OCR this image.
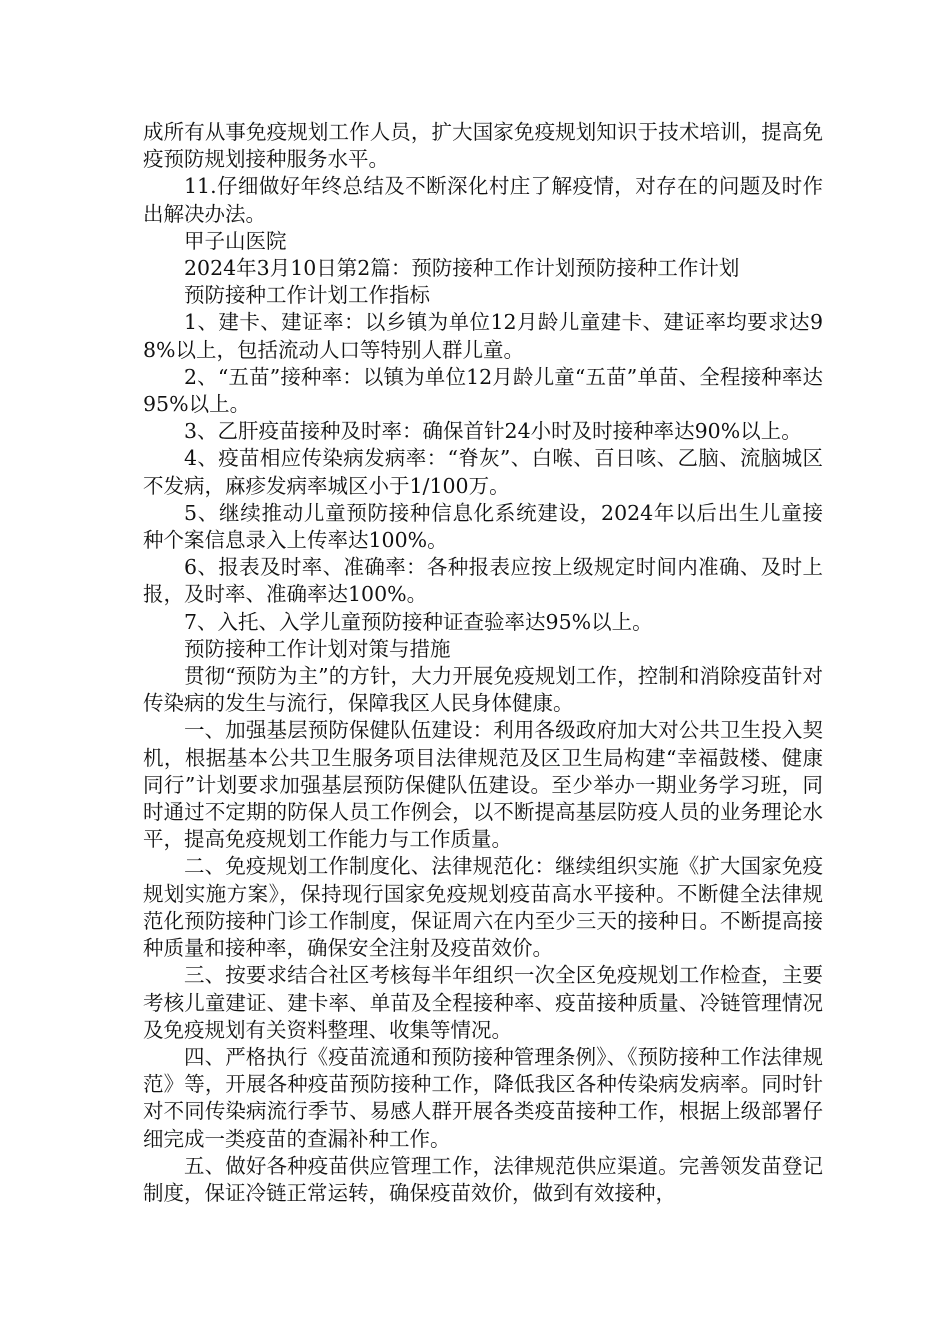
成所有从事免疫规划工作人员，扩大国家免疫规划知识于技术培训，提高免疫预防规划接种服务水平。

11.仔细做好年终总结及不断深化村庄了解疫情，对存在的问题及时作出解决办法。

甲子山医院

2024年3月10日第2篇：预防接种工作计划预防接种工作计划

预防接种工作计划工作指标

1、建卡、建证率：以乡镇为单位12月龄儿童建卡、建证率均要求达98%以上，包括流动人口等特别人群儿童。

2、“五苗”接种率：以镇为单位12月龄儿童“五苗”单苗、全程接种率达95%以上。

3、乙肝疫苗接种及时率：确保首针24小时及时接种率达90%以上。

4、疫苗相应传染病发病率：“脊灰”、白喉、百日咳、乙脑、流脑城区不发病，麻疹发病率城区小于1/100万。

5、继续推动儿童预防接种信息化系统建设，2024年以后出生儿童接种个案信息录入上传率达100%。

6、报表及时率、准确率：各种报表应按上级规定时间内准确、及时上报，及时率、准确率达100%。

7、入托、入学儿童预防接种证查验率达95%以上。

预防接种工作计划对策与措施

贯彻“预防为主”的方针，大力开展免疫规划工作，控制和消除疫苗针对传染病的发生与流行，保障我区人民身体健康。

一、加强基层预防保健队伍建设：利用各级政府加大对公共卫生投入契机，根据基本公共卫生服务项目法律规范及区卫生局构建“幸福鼓楼、健康同行”计划要求加强基层预防保健队伍建设。至少举办一期业务学习班，同时通过不定期的防保人员工作例会，以不断提高基层防疫人员的业务理论水平，提高免疫规划工作能力与工作质量。

二、免疫规划工作制度化、法律规范化：继续组织实施《扩大国家免疫规划实施方案》，保持现行国家免疫规划疫苗高水平接种。不断健全法律规范化预防接种门诊工作制度，保证周六在内至少三天的接种日。不断提高接种质量和接种率，确保安全注射及疫苗效价。

三、按要求结合社区考核每半年组织一次全区免疫规划工作检查，主要考核儿童建证、建卡率、单苗及全程接种率、疫苗接种质量、冷链管理情况及免疫规划有关资料整理、收集等情况。

四、严格执行《疫苗流通和预防接种管理条例》、《预防接种工作法律规范》等，开展各种疫苗预防接种工作，降低我区各种传染病发病率。同时针对不同传染病流行季节、易感人群开展各类疫苗接种工作，根据上级部署仔细完成一类疫苗的查漏补种工作。

五、做好各种疫苗供应管理工作，法律规范供应渠道。完善领发苗登记制度，保证冷链正常运转，确保疫苗效价，做到有效接种，
